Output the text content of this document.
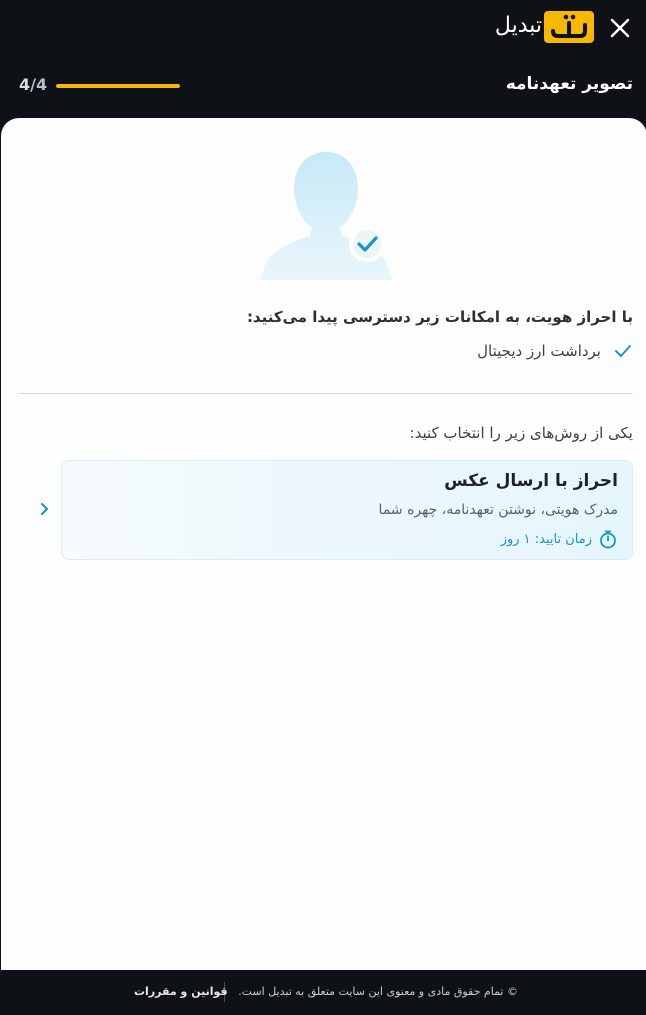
تبدیل
تصویر تعهدنامه
4/4
با احراز هویت، به امکانات زیر دسترسی پیدا می‌کنید:
برداشت ارز دیجیتال
یکی از روش‌های زیر را انتخاب کنید:
احراز با ارسال عکس
مدرک هویتی، نوشتن تعهدنامه، چهره شما
زمان تایید: ۱ روز
© تمام حقوق مادی و معنوی این سایت متعلق به تبدیل است.
قوانین و مقررات
